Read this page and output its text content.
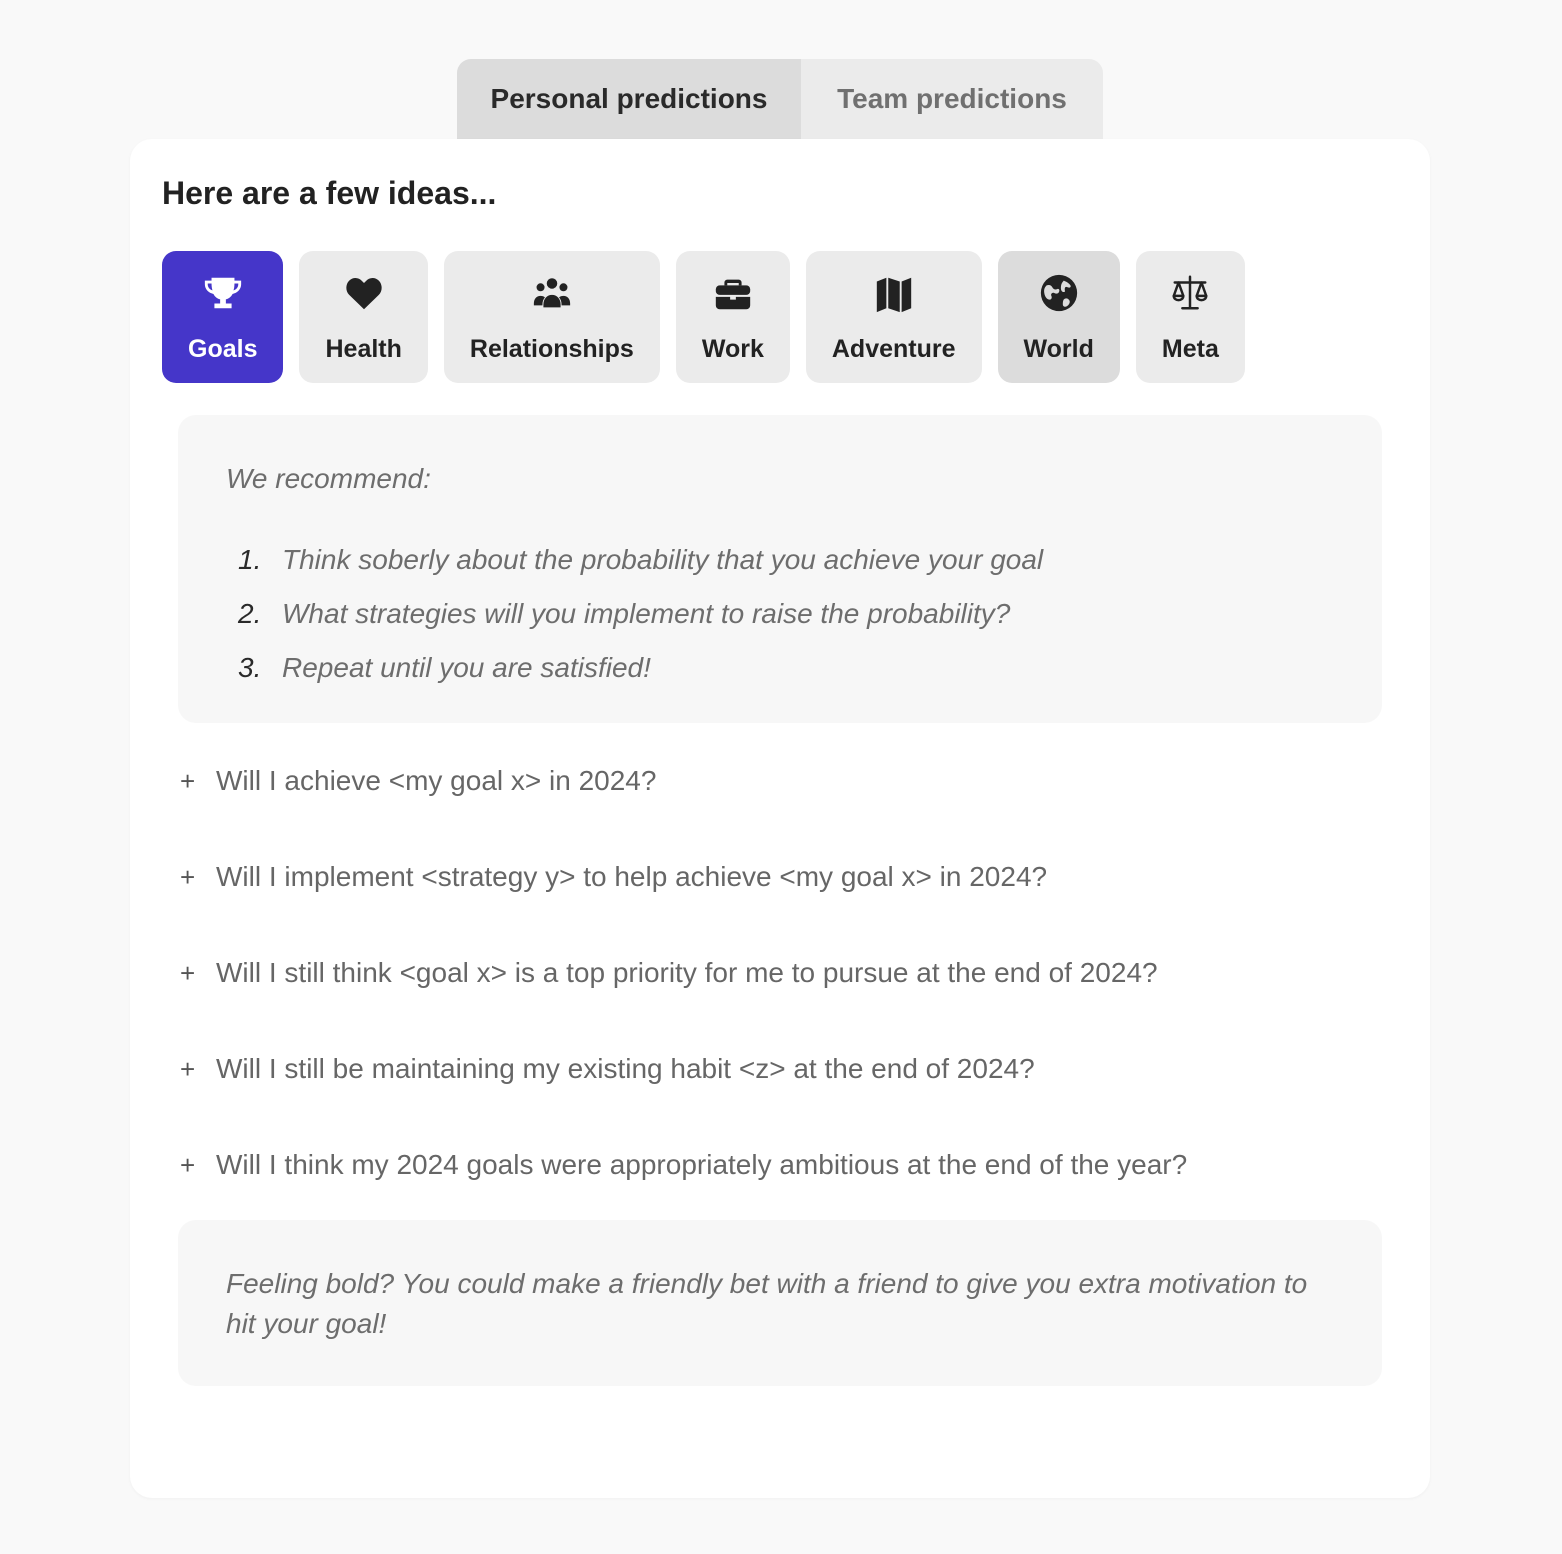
Personal predictions	Team predictions
Here are a few ideas...
Goals	Health	Relationships	Work	Adventure	World	Meta
We recommend:
1. Think soberly about the probability that you achieve your goal
2. What strategies will you implement to raise the probability?
3. Repeat until you are satisfied!
+ Will I achieve <my goal x> in 2024?
+ Will I implement <strategy y> to help achieve <my goal x> in 2024?
+ Will I still think <goal x> is a top priority for me to pursue at the end of 2024?
+ Will I still be maintaining my existing habit <z> at the end of 2024?
+ Will I think my 2024 goals were appropriately ambitious at the end of the year?
Feeling bold? You could make a friendly bet with a friend to give you extra motivation to hit your goal!
